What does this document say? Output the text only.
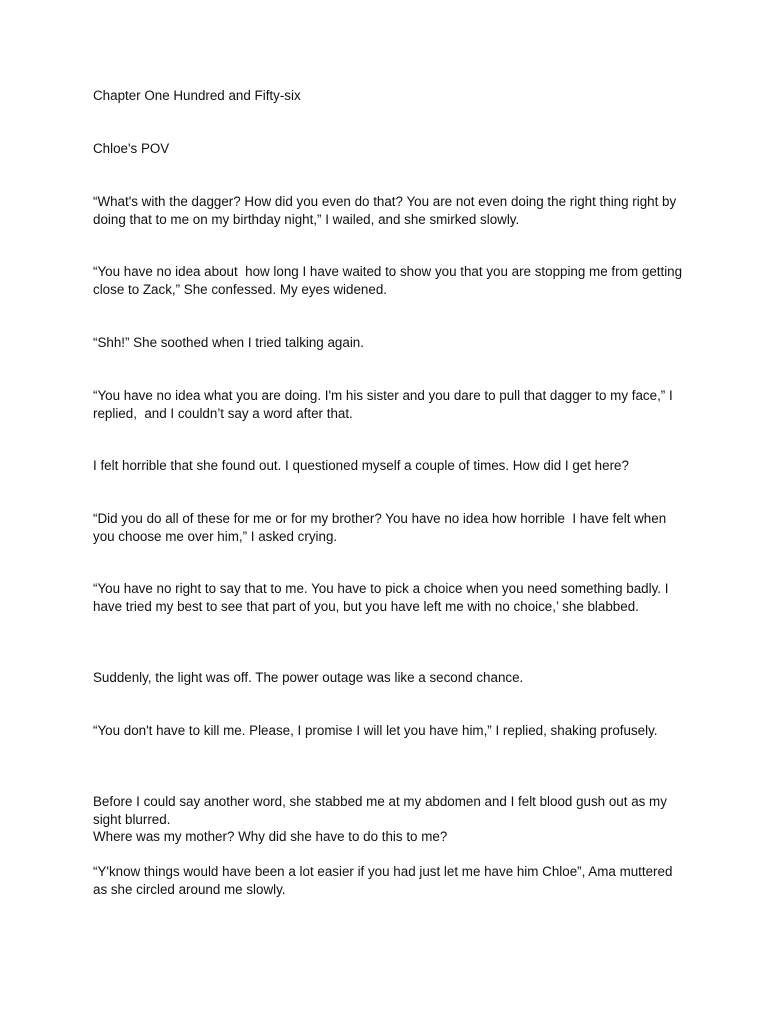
Chapter One Hundred and Fifty-six

Chloe's POV

“What's with the dagger? How did you even do that? You are not even doing the right thing right by doing that to me on my birthday night,” I wailed, and she smirked slowly.

“You have no idea about  how long I have waited to show you that you are stopping me from getting close to Zack,” She confessed. My eyes widened.

“Shh!” She soothed when I tried talking again.

“You have no idea what you are doing. I'm his sister and you dare to pull that dagger to my face,” I replied,  and I couldn’t say a word after that.

I felt horrible that she found out. I questioned myself a couple of times. How did I get here?

“Did you do all of these for me or for my brother? You have no idea how horrible  I have felt when you choose me over him,” I asked crying.

“You have no right to say that to me. You have to pick a choice when you need something badly. I have tried my best to see that part of you, but you have left me with no choice,’ she blabbed.

Suddenly, the light was off. The power outage was like a second chance.

“You don't have to kill me. Please, I promise I will let you have him,” I replied, shaking profusely.

Before I could say another word, she stabbed me at my abdomen and I felt blood gush out as my sight blurred.

Where was my mother? Why did she have to do this to me?

“Y'know things would have been a lot easier if you had just let me have him Chloe”, Ama muttered as she circled around me slowly.
